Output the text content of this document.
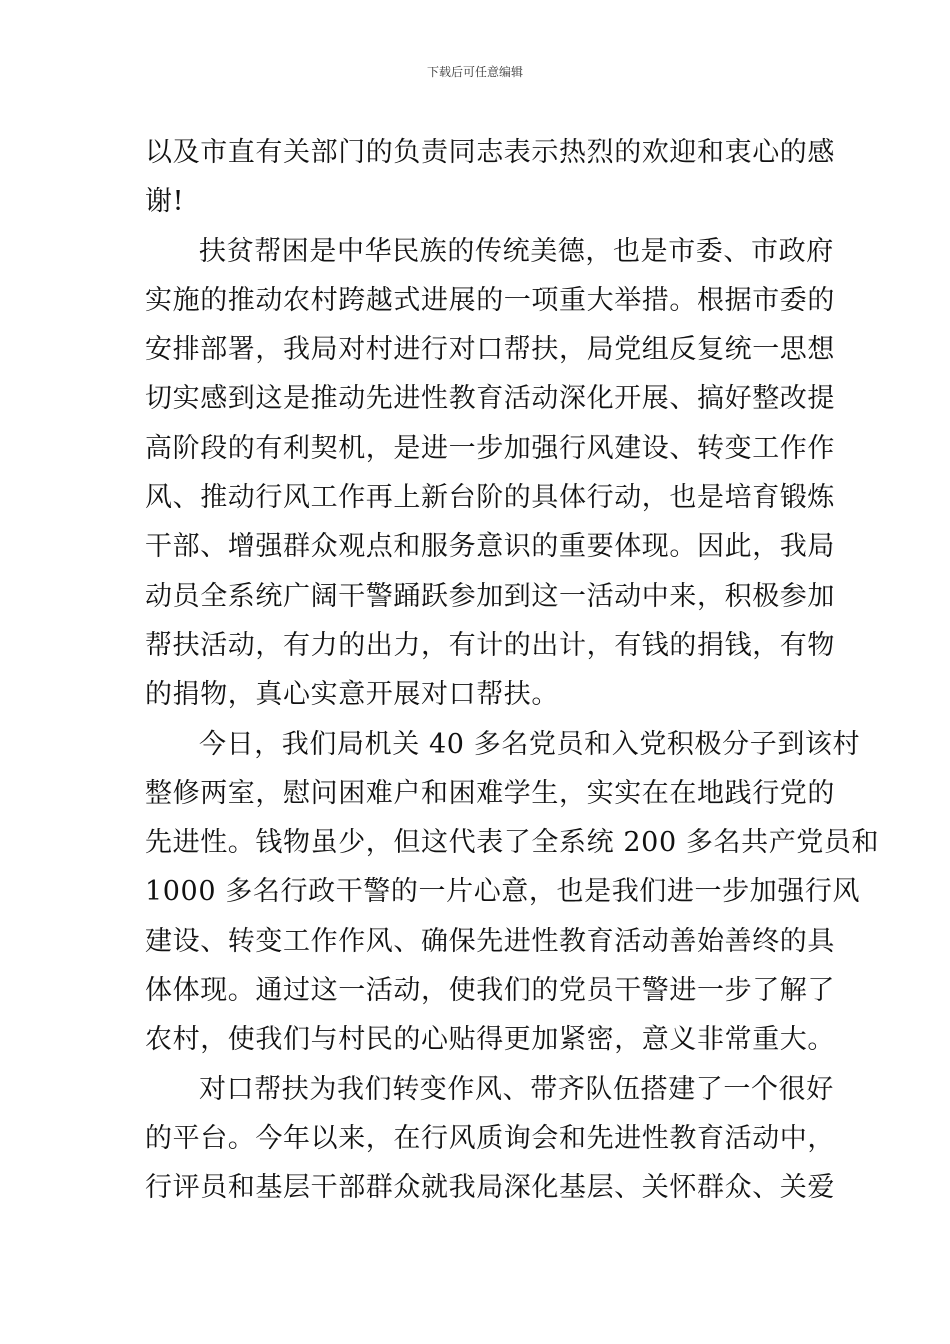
下载后可任意编辑
以及市直有关部门的负责同志表示热烈的欢迎和衷心的感
谢!
扶贫帮困是中华民族的传统美德，也是市委、市政府
实施的推动农村跨越式进展的一项重大举措。根据市委的
安排部署，我局对村进行对口帮扶，局党组反复统一思想
切实感到这是推动先进性教育活动深化开展、搞好整改提
高阶段的有利契机，是进一步加强行风建设、转变工作作
风、推动行风工作再上新台阶的具体行动，也是培育锻炼
干部、增强群众观点和服务意识的重要体现。因此，我局
动员全系统广阔干警踊跃参加到这一活动中来，积极参加
帮扶活动，有力的出力，有计的出计，有钱的捐钱，有物
的捐物，真心实意开展对口帮扶。
今日，我们局机关 40 多名党员和入党积极分子到该村
整修两室，慰问困难户和困难学生，实实在在地践行党的
先进性。钱物虽少，但这代表了全系统 200 多名共产党员和
1000 多名行政干警的一片心意，也是我们进一步加强行风
建设、转变工作作风、确保先进性教育活动善始善终的具
体体现。通过这一活动，使我们的党员干警进一步了解了
农村，使我们与村民的心贴得更加紧密，意义非常重大。
对口帮扶为我们转变作风、带齐队伍搭建了一个很好
的平台。今年以来，在行风质询会和先进性教育活动中，
行评员和基层干部群众就我局深化基层、关怀群众、关爱
